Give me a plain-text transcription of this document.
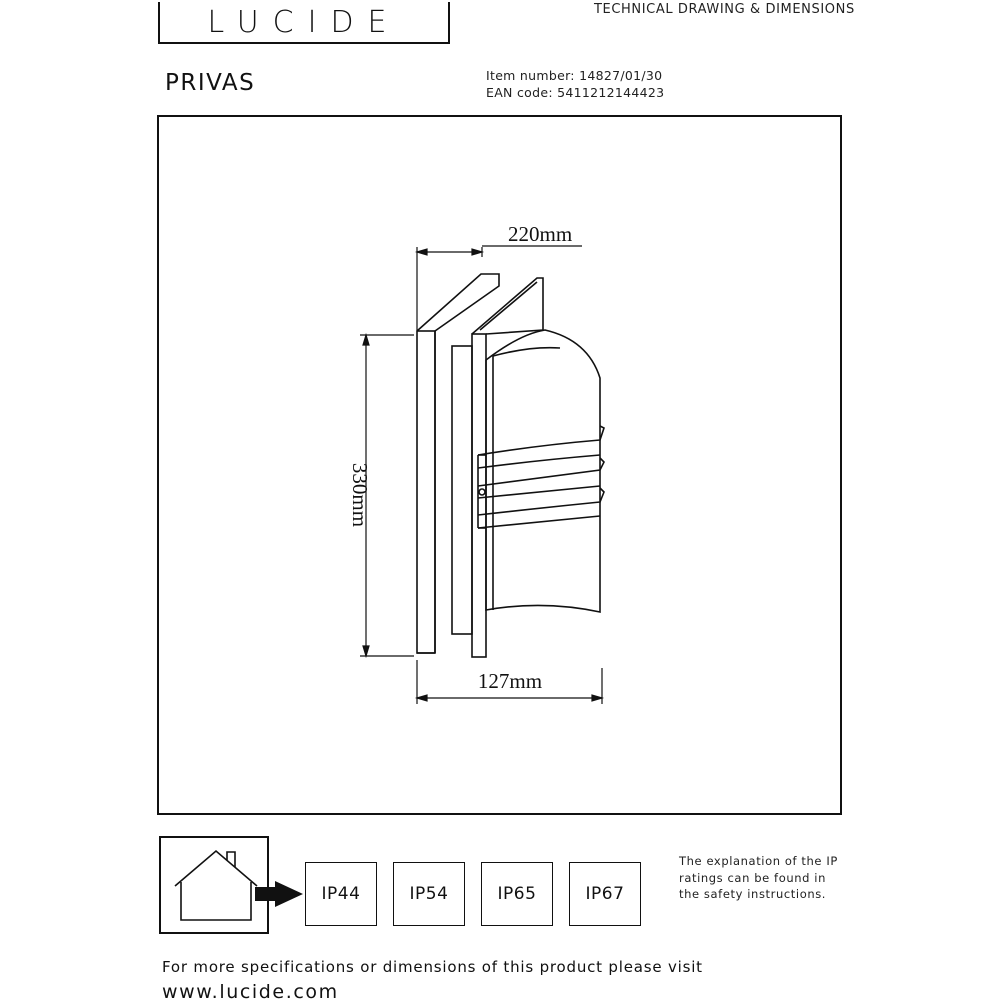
LUCIDE	TECHNICAL DRAWING & DIMENSIONS
PRIVAS	Item number: 14827/01/30
EAN code: 5411212144423
220mm
330mm
127mm
IP44	IP54	IP65	IP67
The explanation of the IP ratings can be found in the safety instructions.
For more specifications or dimensions of this product please visit
www.lucide.com
